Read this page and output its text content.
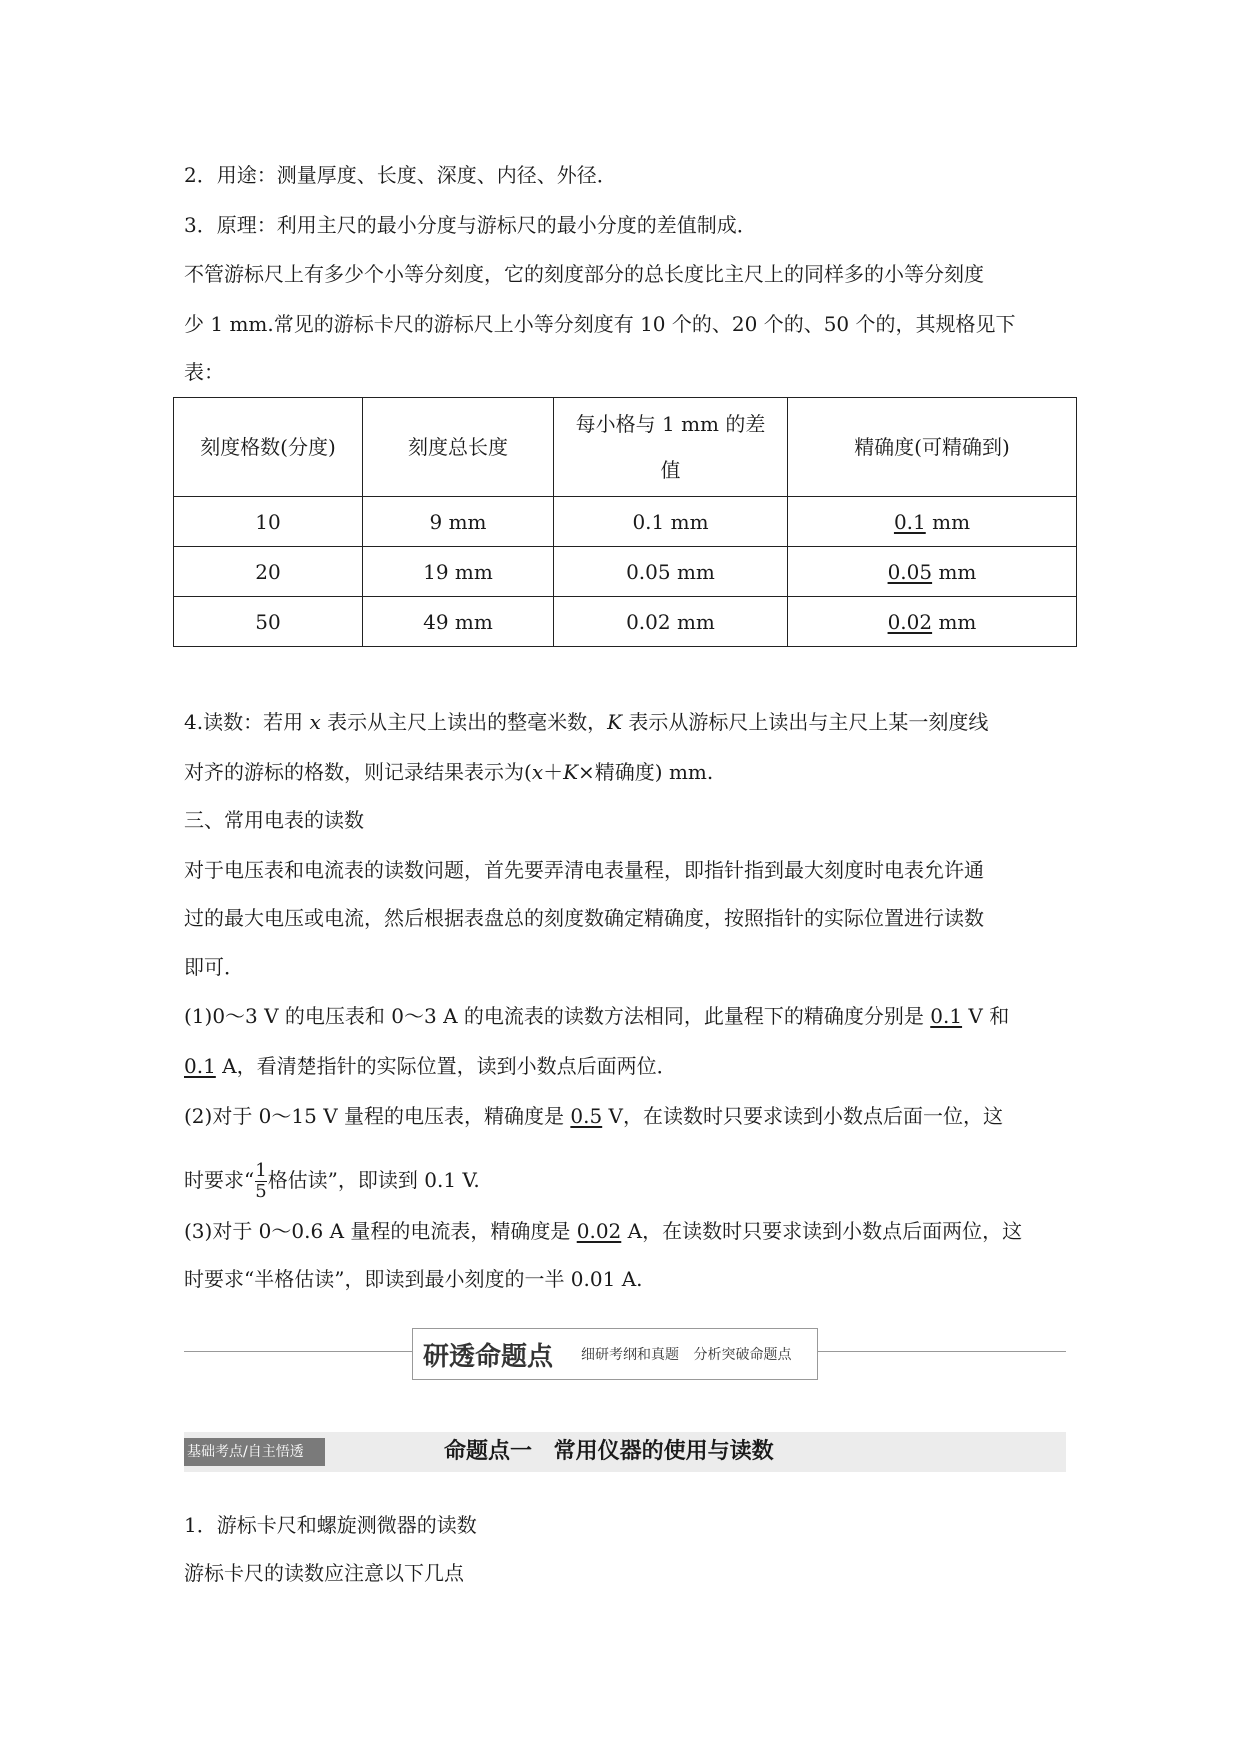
2．用途：测量厚度、长度、深度、内径、外径．
3．原理：利用主尺的最小分度与游标尺的最小分度的差值制成．
不管游标尺上有多少个小等分刻度，它的刻度部分的总长度比主尺上的同样多的小等分刻度
少 1 mm.常见的游标卡尺的游标尺上小等分刻度有 10 个的、20 个的、50 个的，其规格见下
表：
4.读数：若用 x 表示从主尺上读出的整毫米数，K 表示从游标尺上读出与主尺上某一刻度线
对齐的游标的格数，则记录结果表示为(x＋K×精确度) mm.
三、常用电表的读数
对于电压表和电流表的读数问题，首先要弄清电表量程，即指针指到最大刻度时电表允许通
过的最大电压或电流，然后根据表盘总的刻度数确定精确度，按照指针的实际位置进行读数
即可．
(1)0～3 V 的电压表和 0～3 A 的电流表的读数方法相同，此量程下的精确度分别是 0.1 V 和
0.1 A，看清楚指针的实际位置，读到小数点后面两位．
(2)对于 0～15 V 量程的电压表，精确度是 0.5 V，在读数时只要求读到小数点后面一位，这
时要求“ $\frac{1}{5}$ 格估读”，即读到 0.1 V.
(3)对于 0～0.6 A 量程的电流表，精确度是 0.02 A，在读数时只要求读到小数点后面两位，这
时要求“半格估读”，即读到最小刻度的一半 0.01 A.
1．游标卡尺和螺旋测微器的读数
游标卡尺的读数应注意以下几点
刻度格数(分度)	刻度总长度	每小格与 1 mm 的差值	精确度(可精确到)
10	9 mm	0.1 mm	0.1 mm
20	19 mm	0.05 mm	0.05 mm
50	49 mm	0.02 mm	0.02 mm
研透命题点 细研考纲和真题 分析突破命题点
基础考点/自主悟透	命题点一 常用仪器的使用与读数
